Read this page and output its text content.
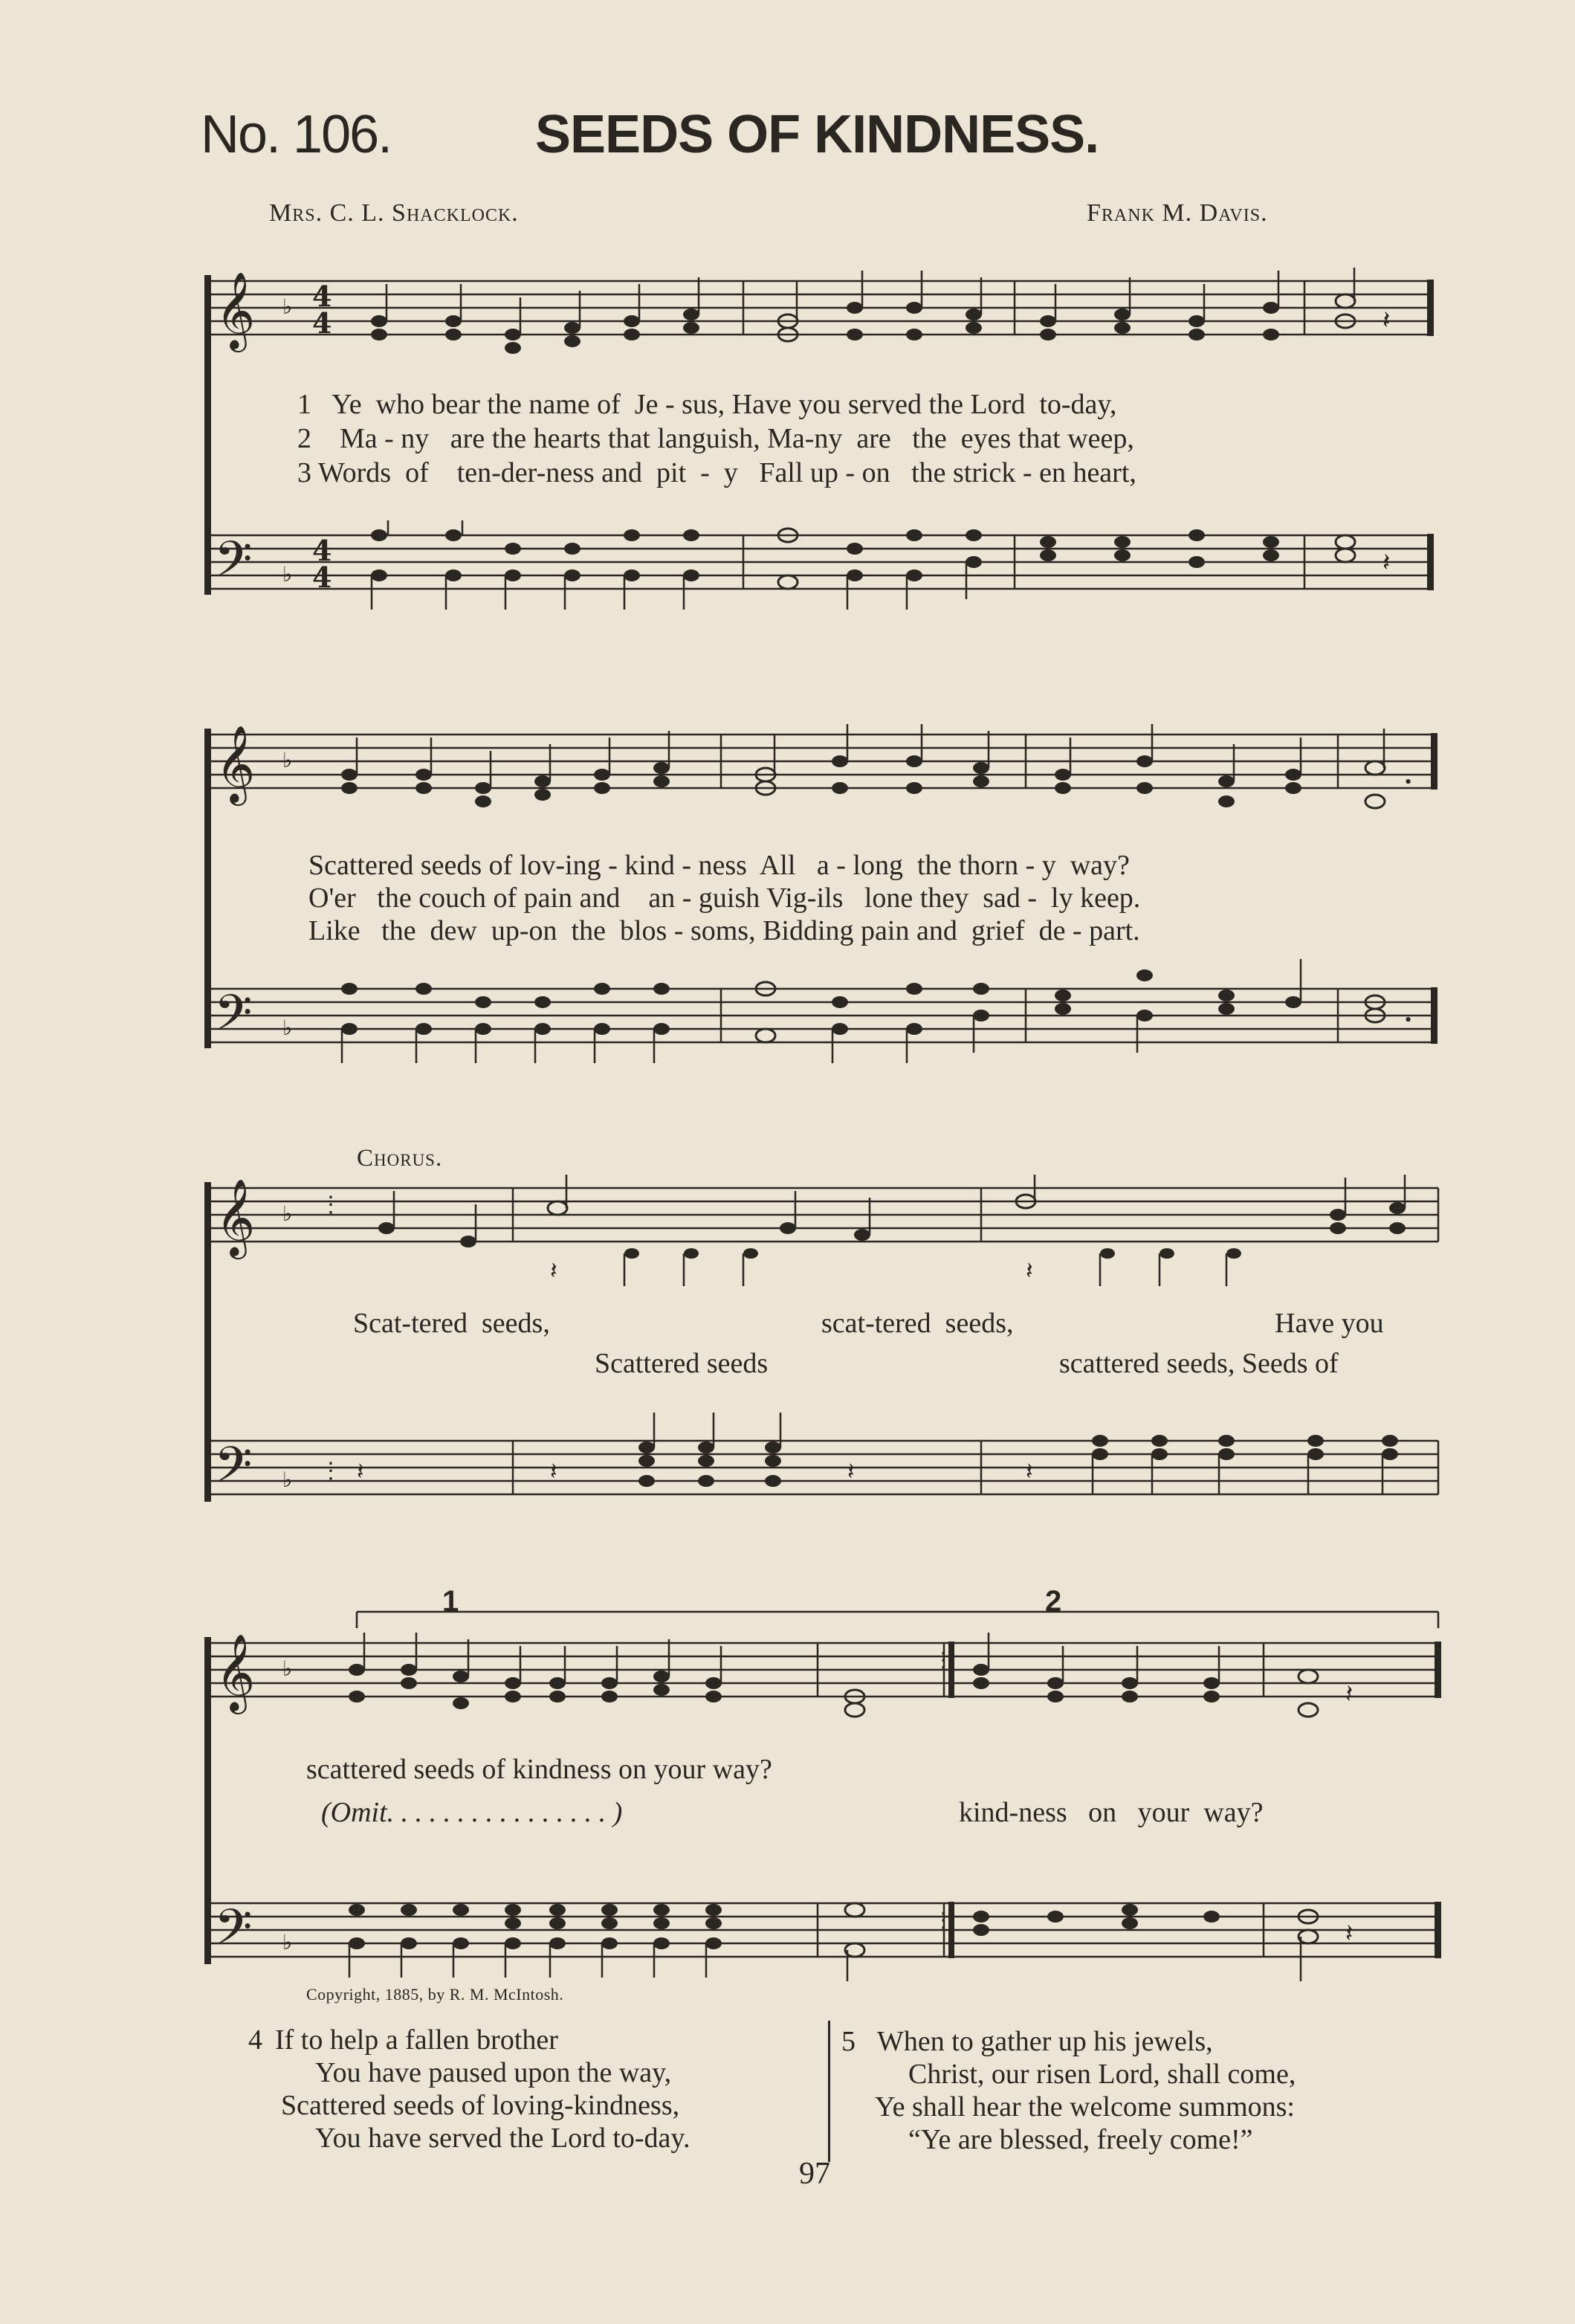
No. 106.	SEEDS OF KINDNESS.
Mrs. C. L. Shacklock.	Frank M. Davis.
𝄞
𝄢
♭
♭
4
4
4
4
𝄽
𝄽
1   Ye  who bear the name of  Je - sus, Have you served the Lord  to-day,
2    Ma - ny   are the hearts that languish, Ma-ny  are   the  eyes that weep,
3 Words  of    ten-der-ness and  pit  -  y   Fall up - on   the strick - en heart,
𝄞
𝄢
♭
♭
•
•
Scattered seeds of lov-ing - kind - ness  All   a - long  the thorn - y  way?
O'er   the couch of pain and    an - guish Vig-ils   lone they  sad -  ly keep.
Like   the  dew  up-on  the  blos - soms, Bidding pain and  grief  de - part.
Chorus.
𝄞
𝄢
♭
♭
⋮
⋮
𝄽	𝄽
𝄽	𝄽	𝄽	𝄽
Scat-tered  seeds,	scat-tered  seeds,	Have you
Scattered seeds	scattered seeds, Seeds of
⋮
⋮
𝄞
𝄢
♭
♭
𝄽
𝄽
1	2
scattered seeds of kindness on your way?
(Omit. . . . . . . . . . . . . . . . )	kind-ness   on   your  way?
Copyright, 1885, by R. M. McIntosh.
4 If to help a fallen brother
You have paused upon the way,
Scattered seeds of loving-kindness,
You have served the Lord to-day.
5 When to gather up his jewels,
Christ, our risen Lord, shall come,
Ye shall hear the welcome summons:
“Ye are blessed, freely come!”
97
